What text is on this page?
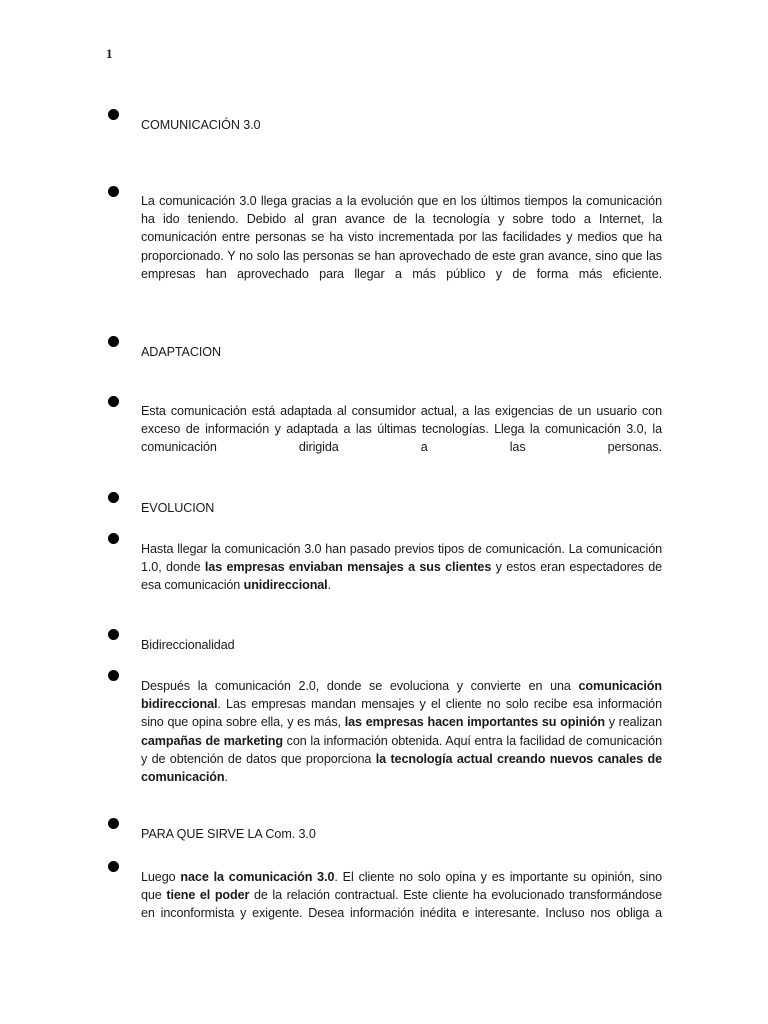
1
COMUNICACIÓN 3.0
La comunicación 3.0 llega gracias a la evolución que en los últimos tiempos la comunicación ha ido teniendo. Debido al gran avance de la tecnología y sobre todo a Internet, la comunicación entre personas se ha visto incrementada por las facilidades y medios que ha proporcionado. Y no solo las personas se han aprovechado de este gran avance, sino que las empresas han aprovechado para llegar a más público y de forma más eficiente.
ADAPTACION
Esta comunicación está adaptada al consumidor actual, a las exigencias de un usuario con exceso de información y adaptada a las últimas tecnologías. Llega la comunicación 3.0, la comunicación dirigida a las personas.
EVOLUCION
Hasta llegar la comunicación 3.0 han pasado previos tipos de comunicación. La comunicación 1.0, donde las empresas enviaban mensajes a sus clientes y estos eran espectadores de esa comunicación unidireccional.
Bidireccionalidad
Después la comunicación 2.0, donde se evoluciona y convierte en una comunicación bidireccional. Las empresas mandan mensajes y el cliente no solo recibe esa información sino que opina sobre ella, y es más, las empresas hacen importantes su opinión y realizan campañas de marketing con la información obtenida. Aquí entra la facilidad de comunicación y de obtención de datos que proporciona la tecnología actual creando nuevos canales de comunicación.
PARA QUE SIRVE LA Com. 3.0
Luego nace la comunicación 3.0. El cliente no solo opina y es importante su opinión, sino que tiene el poder de la relación contractual. Este cliente ha evolucionado transformándose en inconformista y exigente. Desea información inédita e interesante. Incluso nos obliga a
